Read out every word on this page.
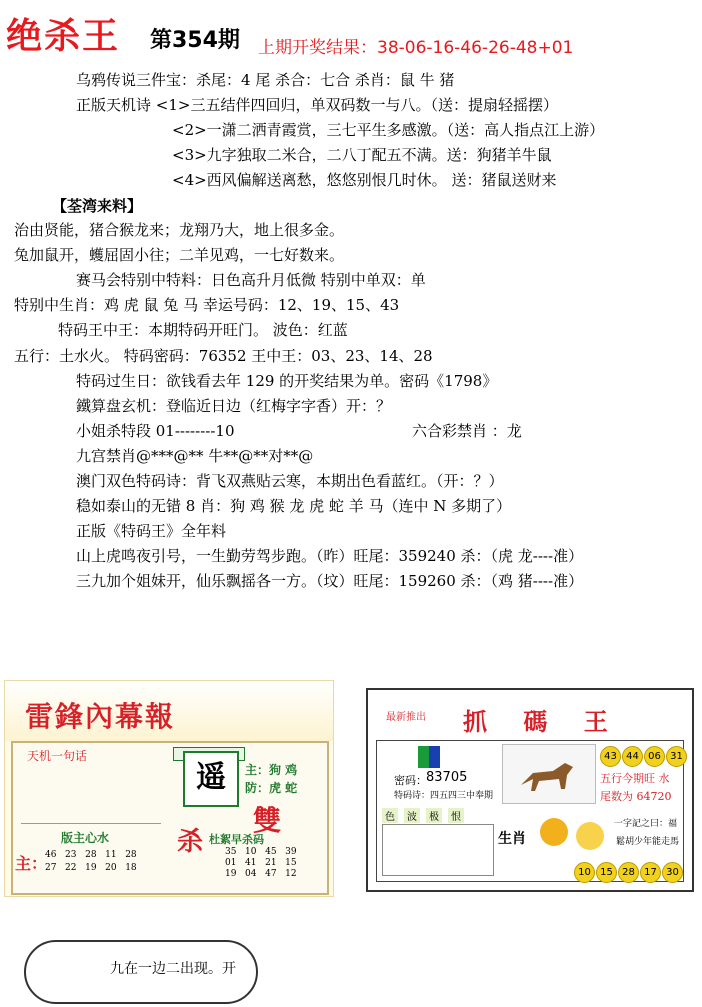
绝杀王 第354期 上期开奖结果：38-06-16-46-26-48+01
乌鸦传说三件宝：杀尾：4 尾 杀合：七合 杀肖：鼠 牛 猪
正版天机诗 <1>三五结伴四回归，单双码数一与八。（送：提扇轻摇摆）
<2>一潇二洒青霞赏，三七平生多感激。（送：高人指点江上游）
<3>九字独取二米合，二八丁配五不满。送：狗猪羊牛鼠
<4>西风偏解送离愁，悠悠别恨几时休。 送：猪鼠送财来
【荃湾来料】
治由贤能，猪合猴龙来；龙翔乃大，地上很多金。
兔加鼠开，蠖屈固小往；二羊见鸡，一七好数来。
赛马会特别中特料：日色高升月低微 特别中单双：单
特别中生肖：鸡 虎 鼠 兔 马 幸运号码：12、19、15、43
特码王中王：本期特码开旺门。 波色：红蓝
五行：土水火。 特码密码：76352 王中王：03、23、14、28
特码过生日：欲钱看去年 129 的开奖结果为单。密码《1798》
鐵算盘玄机：登临近日边（红梅字字香）开：？
小姐杀特段 01--------10	六合彩禁肖 ：龙
九宫禁肖@***@** 牛**@**对**@
澳门双色特码诗：背飞双燕贴云寒，本期出色看蓝红。（开：？）
稳如泰山的无错 8 肖：狗 鸡 猴 龙 虎 蛇 羊 马（连中 N 多期了）
正版《特码王》全年料
山上虎鸣夜引号，一生勤劳驾步跑。（昨）旺尾：359240 杀：（虎 龙----准）
三九加个姐妹开，仙乐飘摇各一方。（坟）旺尾：159260 杀：（鸡 猪----准）
雷鋒內幕報
天机一句话
遥	主：狗 鸡
防：虎 蛇
雙
杀 杜絮早杀码
版主心水
主：
46 23 28 11 28
27 22 19 20 18
35 10 45 39
01 41 21 15
19 04 47 12
最新推出 抓 碼 王
密码： 83705
特码诗：四五四三中奉期
43 44 06 31
五行今期旺 水
尾数为 64720
色	波	极	恨
生肖
一字記之曰：福
鬆胡少年能走馬
10 15 28 17 30
九在一边二出现。开
